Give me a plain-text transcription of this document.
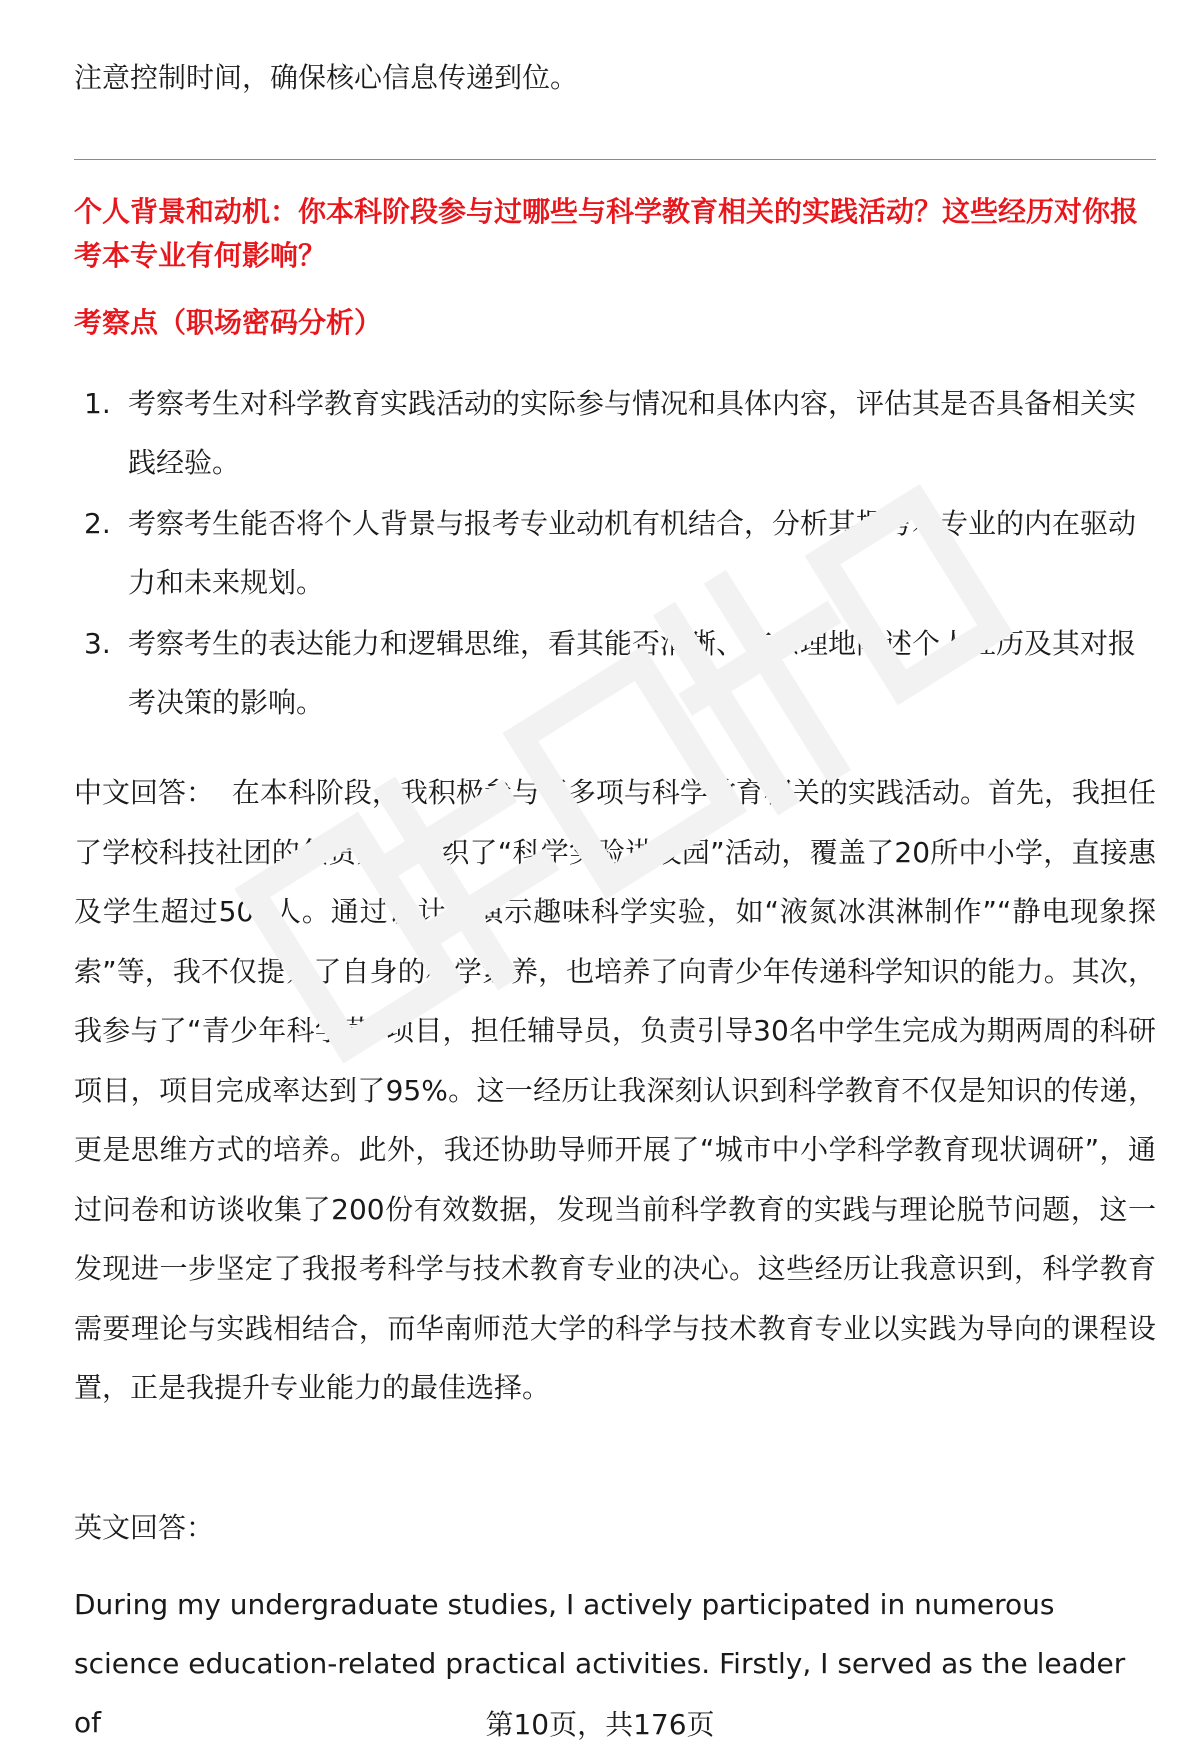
注意控制时间，确保核心信息传递到位。

个人背景和动机：你本科阶段参与过哪些与科学教育相关的实践活动？这些经历对你报考本专业有何影响？

考察点（职场密码分析）

1. 考察考生对科学教育实践活动的实际参与情况和具体内容，评估其是否具备相关实践经验。
2. 考察考生能否将个人背景与报考专业动机有机结合，分析其报考本专业的内在驱动力和未来规划。
3. 考察考生的表达能力和逻辑思维，看其能否清晰、有条理地阐述个人经历及其对报考决策的影响。

中文回答： 在本科阶段，我积极参与了多项与科学教育相关的实践活动。首先，我担任了学校科技社团的负责人，组织了“科学实验进校园”活动，覆盖了20所中小学，直接惠及学生超过500人。通过设计并演示趣味科学实验，如“液氮冰淇淋制作”“静电现象探索”等，我不仅提升了自身的科学素养，也培养了向青少年传递科学知识的能力。其次，我参与了“青少年科学营”项目，担任辅导员，负责引导30名中学生完成为期两周的科研项目，项目完成率达到了95%。这一经历让我深刻认识到科学教育不仅是知识的传递，更是思维方式的培养。此外，我还协助导师开展了“城市中小学科学教育现状调研”，通过问卷和访谈收集了200份有效数据，发现当前科学教育的实践与理论脱节问题，这一发现进一步坚定了我报考科学与技术教育专业的决心。这些经历让我意识到，科学教育需要理论与实践相结合，而华南师范大学的科学与技术教育专业以实践为导向的课程设置，正是我提升专业能力的最佳选择。

英文回答：

During my undergraduate studies, I actively participated in numerous science education-related practical activities. Firstly, I served as the leader of	第10页，共176页
